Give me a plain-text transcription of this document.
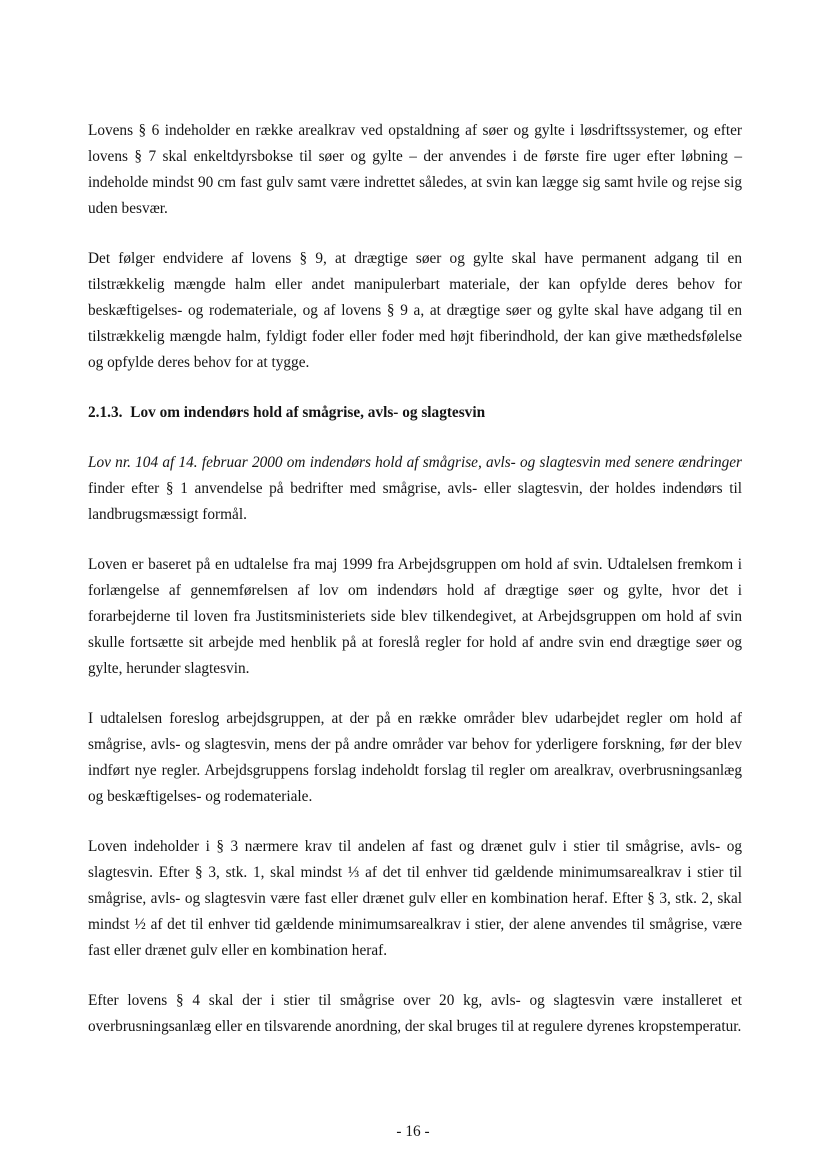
Lovens § 6 indeholder en række arealkrav ved opstaldning af søer og gylte i løsdriftssystemer, og efter lovens § 7 skal enkeltdyrsbokse til søer og gylte – der anvendes i de første fire uger efter løbning – indeholde mindst 90 cm fast gulv samt være indrettet således, at svin kan lægge sig samt hvile og rejse sig uden besvær.

Det følger endvidere af lovens § 9, at drægtige søer og gylte skal have permanent adgang til en tilstrækkelig mængde halm eller andet manipulerbart materiale, der kan opfylde deres behov for beskæftigelses- og rodemateriale, og af lovens § 9 a, at drægtige søer og gylte skal have adgang til en tilstrækkelig mængde halm, fyldigt foder eller foder med højt fiberindhold, der kan give mæthedsfølelse og opfylde deres behov for at tygge.

2.1.3. Lov om indendørs hold af smågrise, avls- og slagtesvin

Lov nr. 104 af 14. februar 2000 om indendørs hold af smågrise, avls- og slagtesvin med senere ændringer finder efter § 1 anvendelse på bedrifter med smågrise, avls- eller slagtesvin, der holdes indendørs til landbrugsmæssigt formål.

Loven er baseret på en udtalelse fra maj 1999 fra Arbejdsgruppen om hold af svin. Udtalelsen fremkom i forlængelse af gennemførelsen af lov om indendørs hold af drægtige søer og gylte, hvor det i forarbejderne til loven fra Justitsministeriets side blev tilkendegivet, at Arbejdsgruppen om hold af svin skulle fortsætte sit arbejde med henblik på at foreslå regler for hold af andre svin end drægtige søer og gylte, herunder slagtesvin.

I udtalelsen foreslog arbejdsgruppen, at der på en række områder blev udarbejdet regler om hold af smågrise, avls- og slagtesvin, mens der på andre områder var behov for yderligere forskning, før der blev indført nye regler. Arbejdsgruppens forslag indeholdt forslag til regler om arealkrav, overbrusningsanlæg og beskæftigelses- og rodemateriale.

Loven indeholder i § 3 nærmere krav til andelen af fast og drænet gulv i stier til smågrise, avls- og slagtesvin. Efter § 3, stk. 1, skal mindst ⅓ af det til enhver tid gældende minimumsarealkrav i stier til smågrise, avls- og slagtesvin være fast eller drænet gulv eller en kombination heraf. Efter § 3, stk. 2, skal mindst ½ af det til enhver tid gældende minimumsarealkrav i stier, der alene anvendes til smågrise, være fast eller drænet gulv eller en kombination heraf.

Efter lovens § 4 skal der i stier til smågrise over 20 kg, avls- og slagtesvin være installeret et overbrusningsanlæg eller en tilsvarende anordning, der skal bruges til at regulere dyrenes kropstemperatur.

- 16 -
